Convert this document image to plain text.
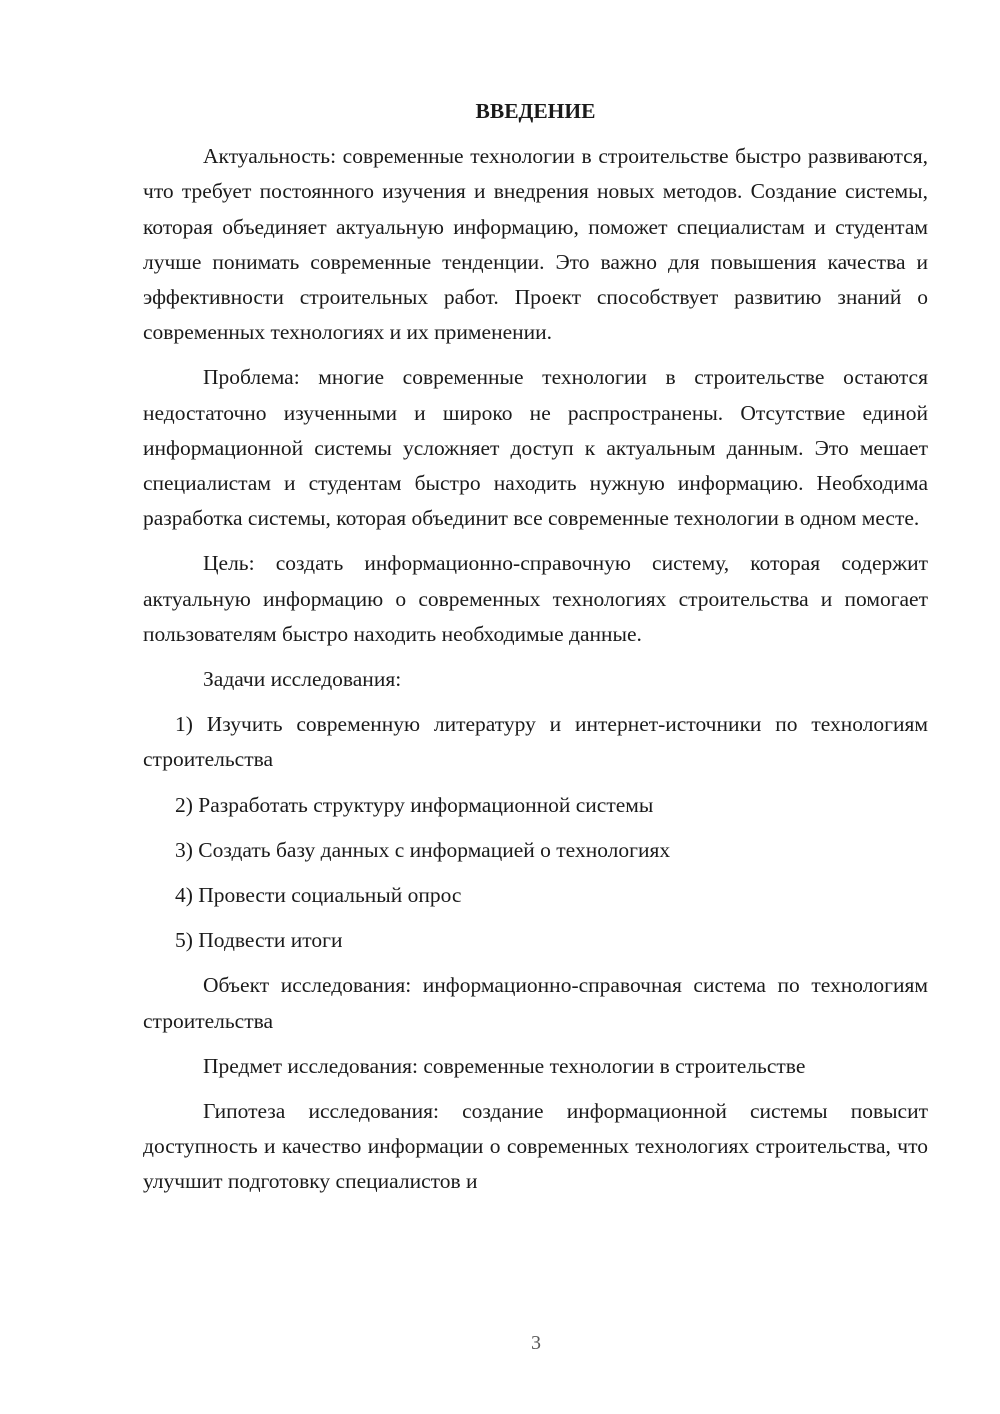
ВВЕДЕНИЕ

Актуальность: современные технологии в строительстве быстро развиваются, что требует постоянного изучения и внедрения новых методов. Создание системы, которая объединяет актуальную информацию, поможет специалистам и студентам лучше понимать современные тенденции. Это важно для повышения качества и эффективности строительных работ. Проект способствует развитию знаний о современных технологиях и их применении.

Проблема: многие современные технологии в строительстве остаются недостаточно изученными и широко не распространены. Отсутствие единой информационной системы усложняет доступ к актуальным данным. Это мешает специалистам и студентам быстро находить нужную информацию. Необходима разработка системы, которая объединит все современные технологии в одном месте.

Цель: создать информационно-справочную систему, которая содержит актуальную информацию о современных технологиях строительства и помогает пользователям быстро находить необходимые данные.

Задачи исследования:

1) Изучить современную литературу и интернет-источники по технологиям строительства

2) Разработать структуру информационной системы

3) Создать базу данных с информацией о технологиях

4) Провести социальный опрос

5) Подвести итоги

Объект исследования: информационно-справочная система по технологиям строительства

Предмет исследования: современные технологии в строительстве

Гипотеза исследования: создание информационной системы повысит доступность и качество информации о современных технологиях строительства, что улучшит подготовку специалистов и

3
